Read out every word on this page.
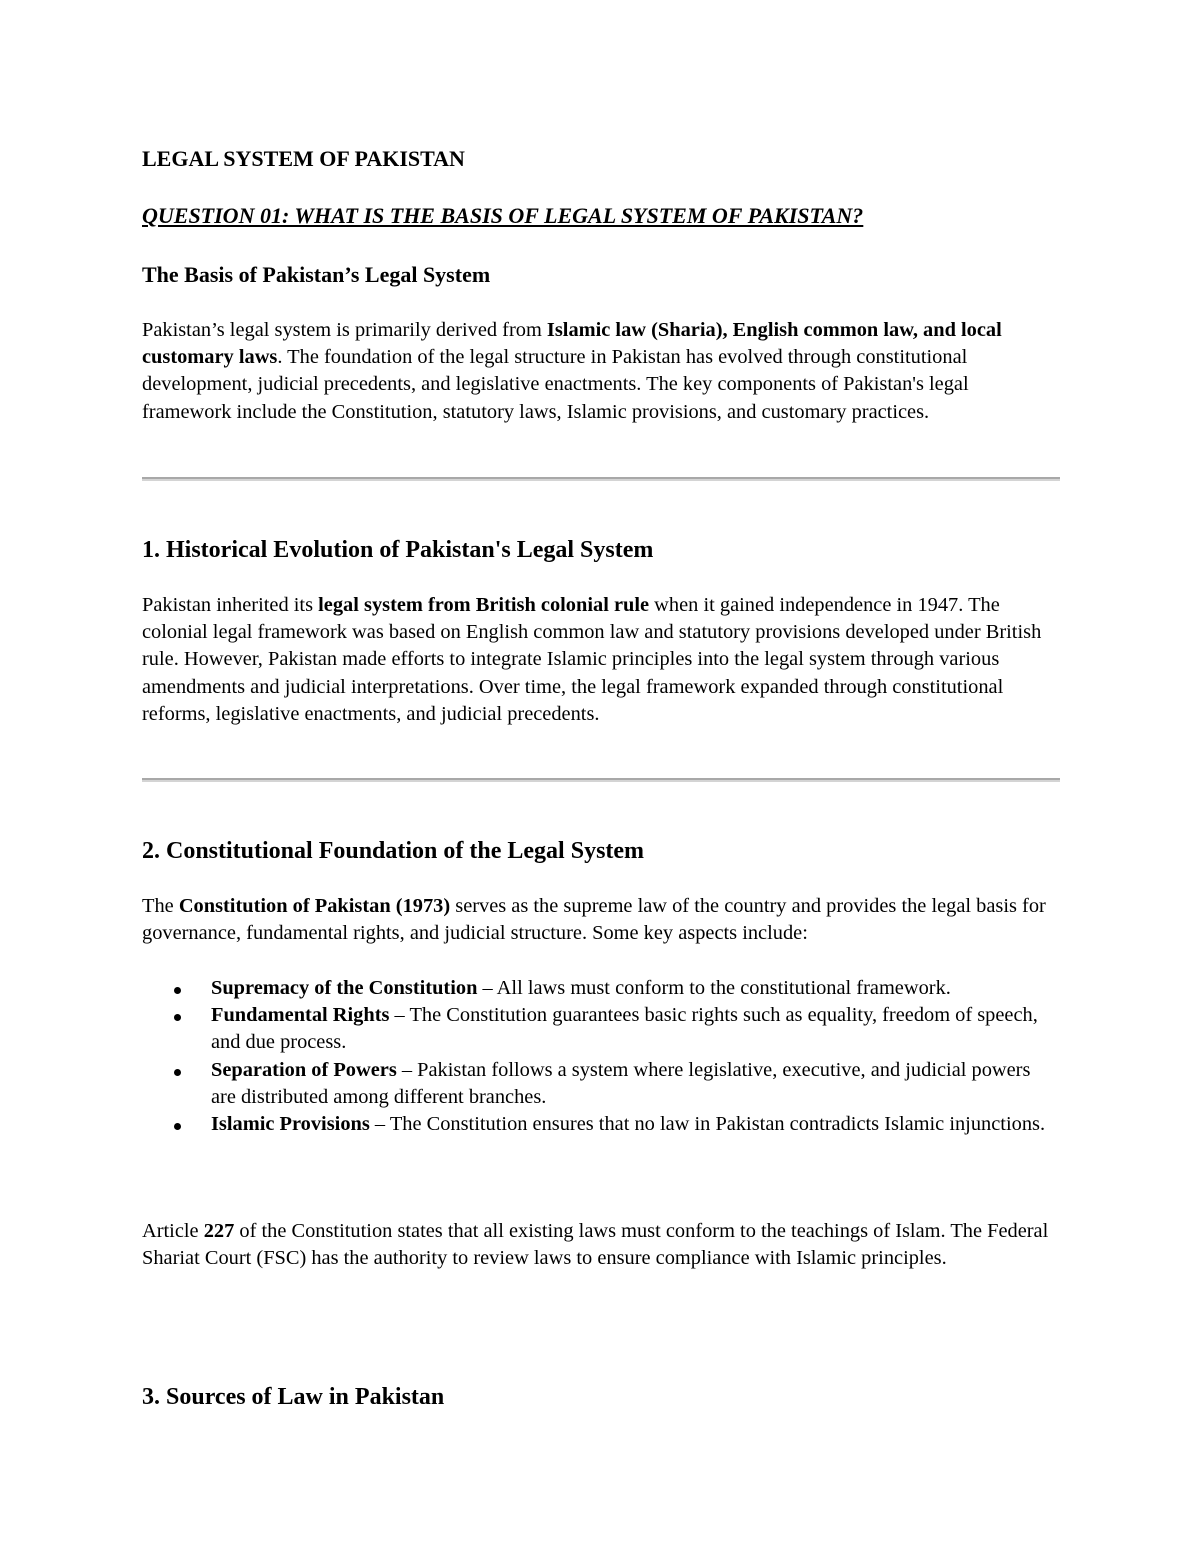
LEGAL SYSTEM OF PAKISTAN
QUESTION 01: WHAT IS THE BASIS OF LEGAL SYSTEM OF PAKISTAN?
The Basis of Pakistan’s Legal System

Pakistan’s legal system is primarily derived from Islamic law (Sharia), English common law, and local customary laws. The foundation of the legal structure in Pakistan has evolved through constitutional development, judicial precedents, and legislative enactments. The key components of Pakistan's legal framework include the Constitution, statutory laws, Islamic provisions, and customary practices.

1. Historical Evolution of Pakistan's Legal System

Pakistan inherited its legal system from British colonial rule when it gained independence in 1947. The colonial legal framework was based on English common law and statutory provisions developed under British rule. However, Pakistan made efforts to integrate Islamic principles into the legal system through various amendments and judicial interpretations. Over time, the legal framework expanded through constitutional reforms, legislative enactments, and judicial precedents.

2. Constitutional Foundation of the Legal System

The Constitution of Pakistan (1973) serves as the supreme law of the country and provides the legal basis for governance, fundamental rights, and judicial structure. Some key aspects include:

Supremacy of the Constitution – All laws must conform to the constitutional framework.
Fundamental Rights – The Constitution guarantees basic rights such as equality, freedom of speech, and due process.
Separation of Powers – Pakistan follows a system where legislative, executive, and judicial powers are distributed among different branches.
Islamic Provisions – The Constitution ensures that no law in Pakistan contradicts Islamic injunctions.

Article 227 of the Constitution states that all existing laws must conform to the teachings of Islam. The Federal Shariat Court (FSC) has the authority to review laws to ensure compliance with Islamic principles.

3. Sources of Law in Pakistan
